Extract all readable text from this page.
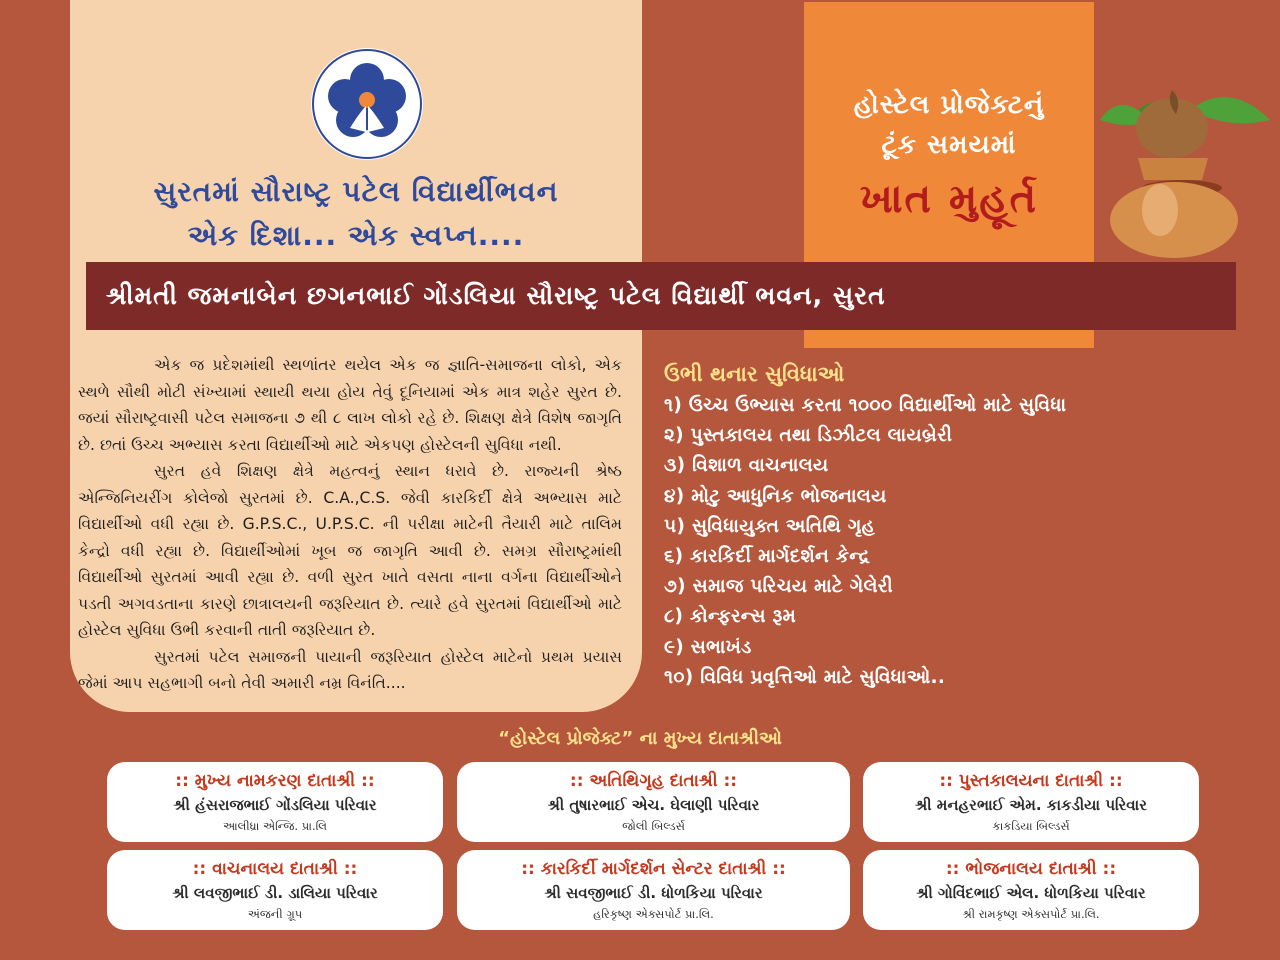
સુરતમાં સૌરાષ્ટ્ર પટેલ વિદ્યાર્થીભવન
એક દિશા... એક સ્વપ્ન....
હોસ્ટેલ પ્રોજેક્ટનું
ટૂંક સમયમાં
ખાત મુહૂર્ત
શ્રીમતી જમનાબેન છગનભાઈ ગોંડલિયા સૌરાષ્ટ્ર પટેલ વિદ્યાર્થી ભવન, સુરત

એક જ પ્રદેશમાંથી સ્થળાંતર થયેલ એક જ જ્ઞાતિ-સમાજના લોકો, એક સ્થળે સૌથી મોટી સંખ્યામાં સ્થાયી થયા હોય તેવું દૂનિયામાં એક માત્ર શહેર સુરત છે. જયાં સૌરાષ્ટ્રવાસી પટેલ સમાજના ૭ થી ૮ લાખ લોકો રહે છે. શિક્ષણ ક્ષેત્રે વિશેષ જાગૃતિ છે. છતાં ઉચ્ચ અભ્યાસ કરતા વિદ્યાર્થીઓ માટે એકપણ હોસ્ટેલની સુવિધા નથી.

સુરત હવે શિક્ષણ ક્ષેત્રે મહત્વનું સ્થાન ધરાવે છે. રાજ્યની શ્રેષ્ઠ એન્જિનિયરીંગ કોલેજો સુરતમાં છે. C.A.,C.S. જેવી કારકિર્દી ક્ષેત્રે અભ્યાસ માટે વિદ્યાર્થીઓ વધી રહ્યા છે. G.P.S.C., U.P.S.C. ની પરીક્ષા માટેની તૈયારી માટે તાલિમ કેન્દ્રો વધી રહ્યા છે. વિદ્યાર્થીઓમાં ખૂબ જ જાગૃતિ આવી છે. સમગ્ર સૌરાષ્ટ્રમાંથી વિદ્યાર્થીઓ સુરતમાં આવી રહ્યા છે. વળી સુરત ખાતે વસતા નાના વર્ગના વિદ્યાર્થીઓને પડતી અગવડતાના કારણે છાત્રાલયની જરૂરિયાત છે. ત્યારે હવે સુરતમાં વિદ્યાર્થીઓ માટે હોસ્ટેલ સુવિધા ઉભી કરવાની તાતી જરૂરિયાત છે.

સુરતમાં પટેલ સમાજની પાયાની જરૂરિયાત હોસ્ટેલ માટેનો પ્રથમ પ્રયાસ જેમાં આપ સહભાગી બનો તેવી અમારી નમ્ર વિનંતિ....

ઉભી થનાર સુવિધાઓ
૧) ઉચ્ચ ઉભ્યાસ કરતા ૧૦૦૦ વિદ્યાર્થીઓ માટે સુવિધા
૨) પુસ્તકાલય તથા ડિઝીટલ લાયબ્રેરી
૩) વિશાળ વાચનાલય
૪) મોટુ આધુનિક ભોજનાલય
૫) સુવિધાયુક્ત અતિથિ ગૃહ
૬) કારકિર્દી માર્ગદર્શન કેન્દ્ર
૭) સમાજ પરિચય માટે ગેલેરી
૮) કોન્ફરન્સ રૂમ
૯) સભાખંડ
૧૦) વિવિધ પ્રવૃત્તિઓ માટે સુવિધાઓ..
“હોસ્ટેલ પ્રોજેક્ટ” ના મુખ્ય દાતાશ્રીઓ
:: મુખ્ય નામકરણ દાતાશ્રી ::
શ્રી હંસરાજભાઈ ગોંડલિયા પરિવાર
આલીધ્રા એન્જિ. પ્રા.લિ
:: અતિથિગૃહ દાતાશ્રી ::
શ્રી તુષારભાઈ એચ. ઘેલાણી પરિવાર
જોલી બિલ્ડર્સ
:: પુસ્તકાલયના દાતાશ્રી ::
શ્રી મનહરભાઈ એમ. કાકડીયા પરિવાર
કાકડિયા બિલ્ડર્સ
:: વાચનાલય દાતાશ્રી ::
શ્રી લવજીભાઈ ડી. ડાલિયા પરિવાર
અંજની ગ્રૂપ
:: કારકિર્દી માર્ગદર્શન સેન્ટર દાતાશ્રી ::
શ્રી સવજીભાઈ ડી. ધોળકિયા પરિવાર
હરિકૃષ્ણ એક્સપોર્ટ પ્રા.લિ.
:: ભોજનાલય દાતાશ્રી ::
શ્રી ગોવિંદભાઈ એલ. ધોળકિયા પરિવાર
શ્રી રામકૃષ્ણ એક્સપોર્ટ પ્રા.લિ.
